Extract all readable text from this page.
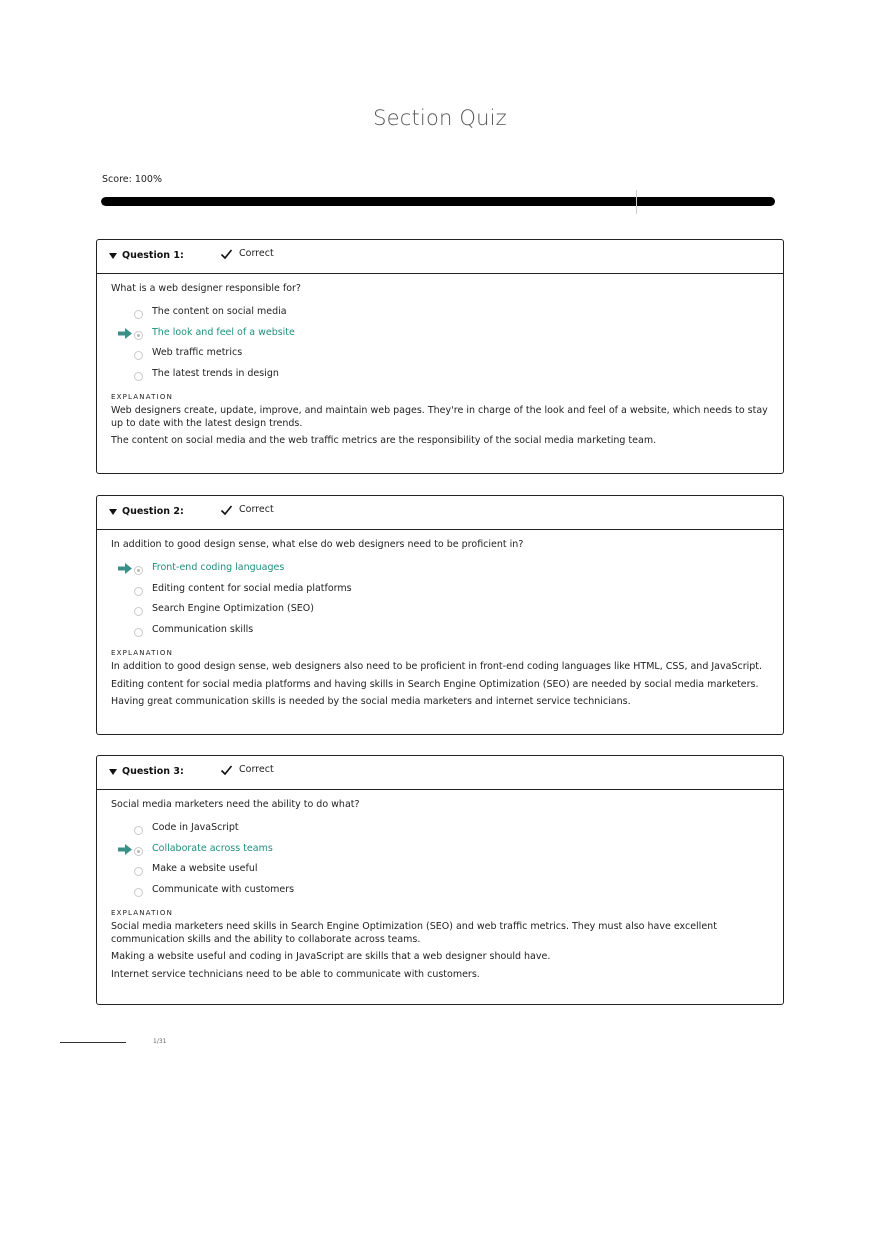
Section Quiz
Score: 100%
Question 1:	Correct
What is a web designer responsible for?
The content on social media
The look and feel of a website
Web traffic metrics
The latest trends in design
EXPLANATION

Web designers create, update, improve, and maintain web pages. They're in charge of the look and feel of a website, which needs to stay up to date with the latest design trends.

The content on social media and the web traffic metrics are the responsibility of the social media marketing team.

Question 2:	Correct
In addition to good design sense, what else do web designers need to be proficient in?
Front-end coding languages
Editing content for social media platforms
Search Engine Optimization (SEO)
Communication skills
EXPLANATION

In addition to good design sense, web designers also need to be proficient in front-end coding languages like HTML, CSS, and JavaScript.

Editing content for social media platforms and having skills in Search Engine Optimization (SEO) are needed by social media marketers.

Having great communication skills is needed by the social media marketers and internet service technicians.

Question 3:	Correct
Social media marketers need the ability to do what?
Code in JavaScript
Collaborate across teams
Make a website useful
Communicate with customers
EXPLANATION

Social media marketers need skills in Search Engine Optimization (SEO) and web traffic metrics. They must also have excellent communication skills and the ability to collaborate across teams.

Making a website useful and coding in JavaScript are skills that a web designer should have.

Internet service technicians need to be able to communicate with customers.

1/31
